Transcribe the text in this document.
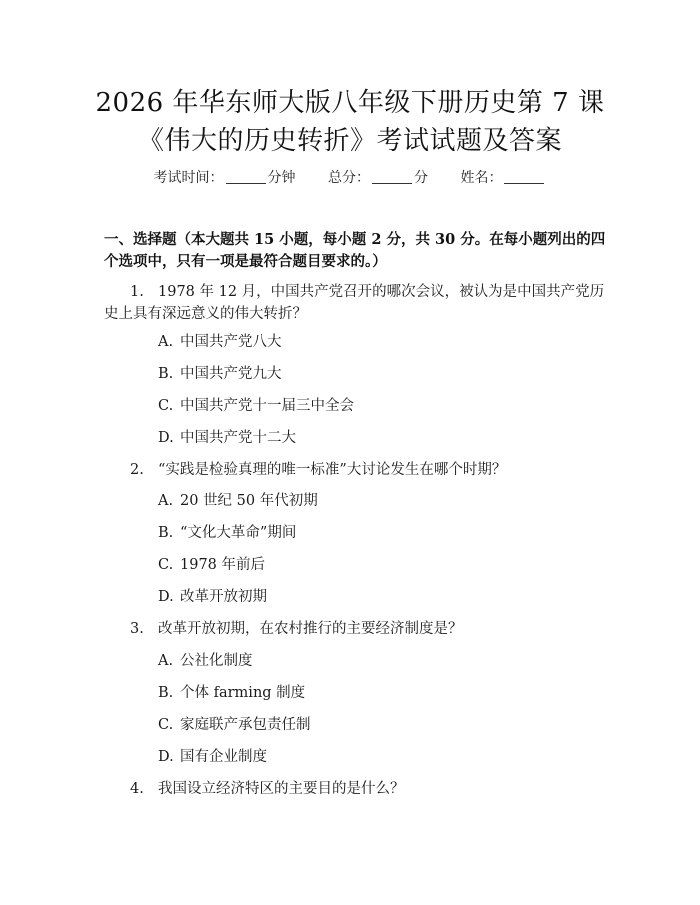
2026 年华东师大版八年级下册历史第 7 课
《伟大的历史转折》考试试题及答案
考试时间：	分钟 总分：	分 姓名：
一、选择题（本大题共 15 小题，每小题 2 分，共 30 分。在每小题列出的四个选项中，只有一项是最符合题目要求的。）
1. 1978 年 12 月，中国共产党召开的哪次会议，被认为是中国共产党历史上具有深远意义的伟大转折？
A. 中国共产党八大
B. 中国共产党九大
C. 中国共产党十一届三中全会
D. 中国共产党十二大
2. “实践是检验真理的唯一标准”大讨论发生在哪个时期？
A. 20 世纪 50 年代初期
B. “文化大革命”期间
C. 1978 年前后
D. 改革开放初期
3. 改革开放初期，在农村推行的主要经济制度是？
A. 公社化制度
B. 个体 farming 制度
C. 家庭联产承包责任制
D. 国有企业制度
4. 我国设立经济特区的主要目的是什么？
